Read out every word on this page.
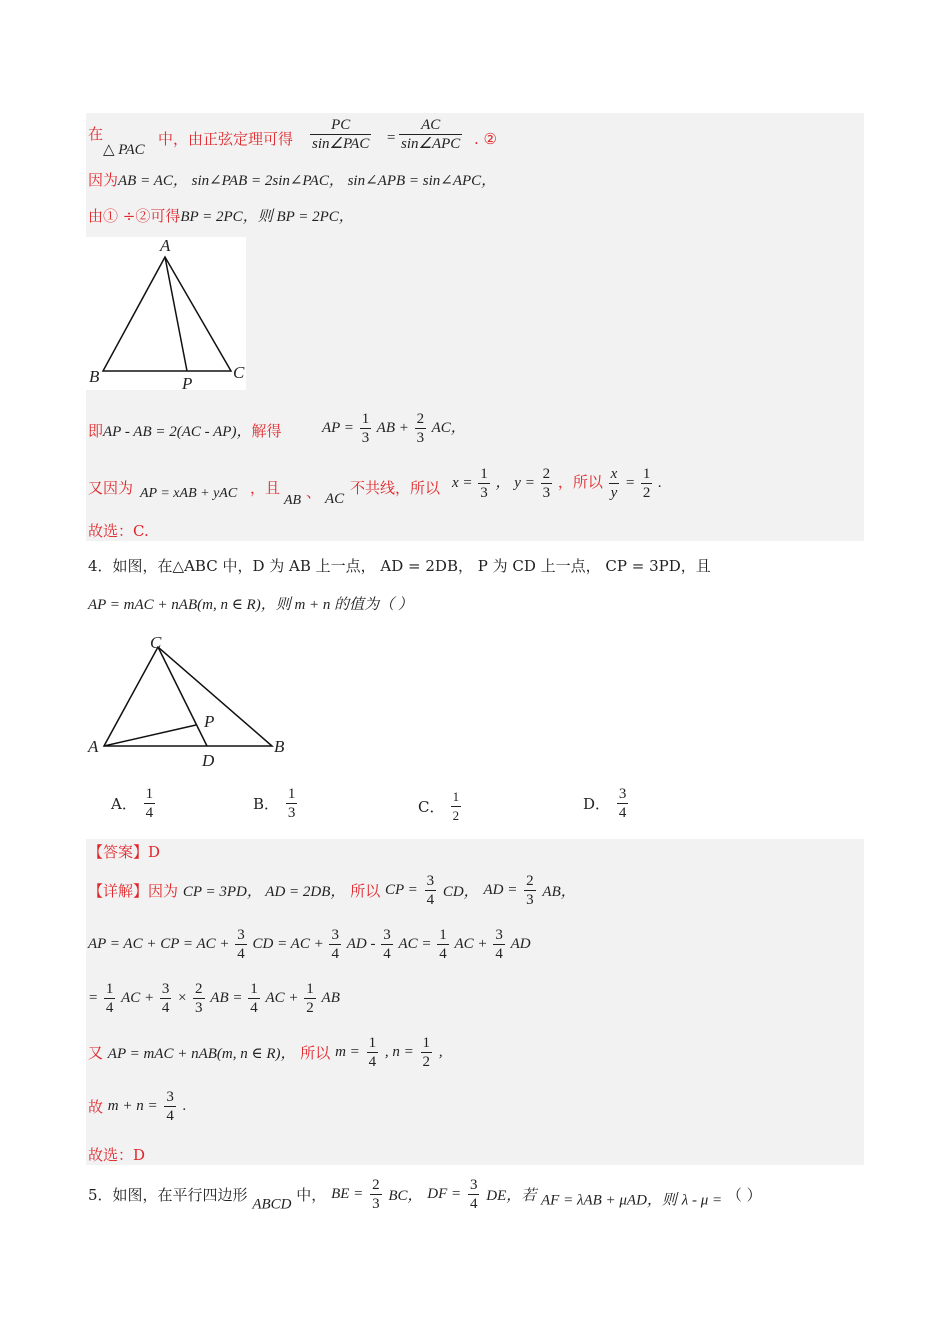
在
△ PAC
中，由正弦定理可得 $\frac{PC}{\text{sin∠PAC}} = \frac{AC}{\text{sin∠APC}}$ . ②
因为AB = AC， sin∠PAB = 2sin∠PAC， sin∠APB = sin∠APC，
由① ÷②可得BP = 2PC，则 BP = 2PC，
A
B	C
P
即AP - AB = 2(AC - AP)，解得	AP = $\frac{1}{3}$ AB + $\frac{2}{3}$ AC，
又因为 AP = xAB + yAC ，且
AB 、 AC
不共线，所以 $x = \frac{1}{3}$ ， $y = \frac{2}{3}$ ，所以 $\frac{x}{y} = \frac{1}{2}$ .
故选：C.
4．如图，在△ABC 中，D 为 AB 上一点， AD = 2DB， P 为 CD 上一点， CP = 3PD，且
AP = mAC + nAB(m, n ∈ R)，则 m + n 的值为（ ）
C
A	B
D
P
A． $\frac{1}{4}$	B． $\frac{1}{3}$	C． $\frac{1}{2}$	D． $\frac{3}{4}$
【答案】D
【详解】因为 CP = 3PD， AD = 2DB， 所以 CP = $\frac{3}{4}$ CD， AD = $\frac{2}{3}$ AB，
AP = AC + CP = AC + $\frac{3}{4}$ CD = AC + $\frac{3}{4}$ AD - $\frac{3}{4}$ AC = $\frac{1}{4}$ AC + $\frac{3}{4}$ AD
= $\frac{1}{4}$ AC + $\frac{3}{4} \times \frac{2}{3}$ AB = $\frac{1}{4}$ AC + $\frac{1}{2}$ AB
又 AP = mAC + nAB(m, n ∈ R)， 所以 $m = \frac{1}{4}$ , $n = \frac{1}{2}$ ,
故 $m + n = \frac{3}{4}$ .
故选：D
5．如图，在平行四边形 ABCD 中， BE = $\frac{2}{3}$ BC， DF = $\frac{3}{4}$ DE，若 AF = λAB + μAD，则 λ - μ = （ ）
